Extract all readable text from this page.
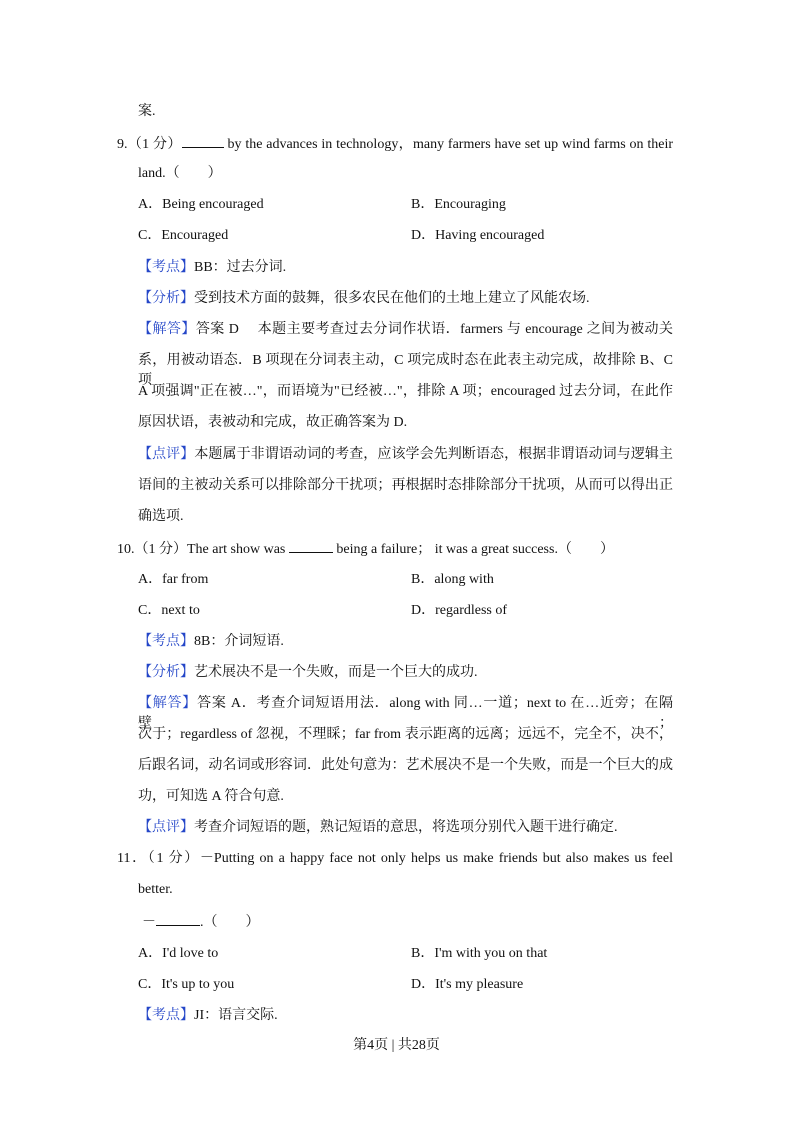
案.
9.（1 分）	by the advances in technology，many farmers have set up wind farms on their
land.（　　）
A．Being encouraged	B．Encouraging
C．Encouraged	D．Having encouraged
【考点】BB：过去分词.
【分析】受到技术方面的鼓舞，很多农民在他们的土地上建立了风能农场.
【解答】答案 D　 本题主要考查过去分词作状语．farmers 与 encourage 之间为被动关
系，用被动语态．B 项现在分词表主动，C 项完成时态在此表主动完成，故排除 B、C 项
A 项强调"正在被…"，而语境为"已经被…"，排除 A 项；encouraged 过去分词，在此作
原因状语，表被动和完成，故正确答案为 D.
【点评】本题属于非谓语动词的考查，应该学会先判断语态，根据非谓语动词与逻辑主
语间的主被动关系可以排除部分干扰项；再根据时态排除部分干扰项，从而可以得出正
确选项.
10.（1 分）The art show was	being a failure； it was a great success.（　　）
A．far from	B．along with
C．next to	D．regardless of
【考点】8B：介词短语.
【分析】艺术展决不是一个失败，而是一个巨大的成功.
【解答】答案 A．考查介词短语用法．along with 同…一道；next to 在…近旁；在隔壁；
次于；regardless of 忽视，不理睬；far from 表示距离的远离；远远不，完全不，决不，
后跟名词，动名词或形容词．此处句意为：艺术展决不是一个失败，而是一个巨大的成
功，可知选 A 符合句意.
【点评】考查介词短语的题，熟记短语的意思，将选项分别代入题干进行确定.
11．（1 分）－Putting on a happy face not only helps us make friends but also makes us feel
better.
－	.（　　）
A．I'd love to	B．I'm with you on that
C．It's up to you	D．It's my pleasure
【考点】JI：语言交际.
第4页 | 共28页
